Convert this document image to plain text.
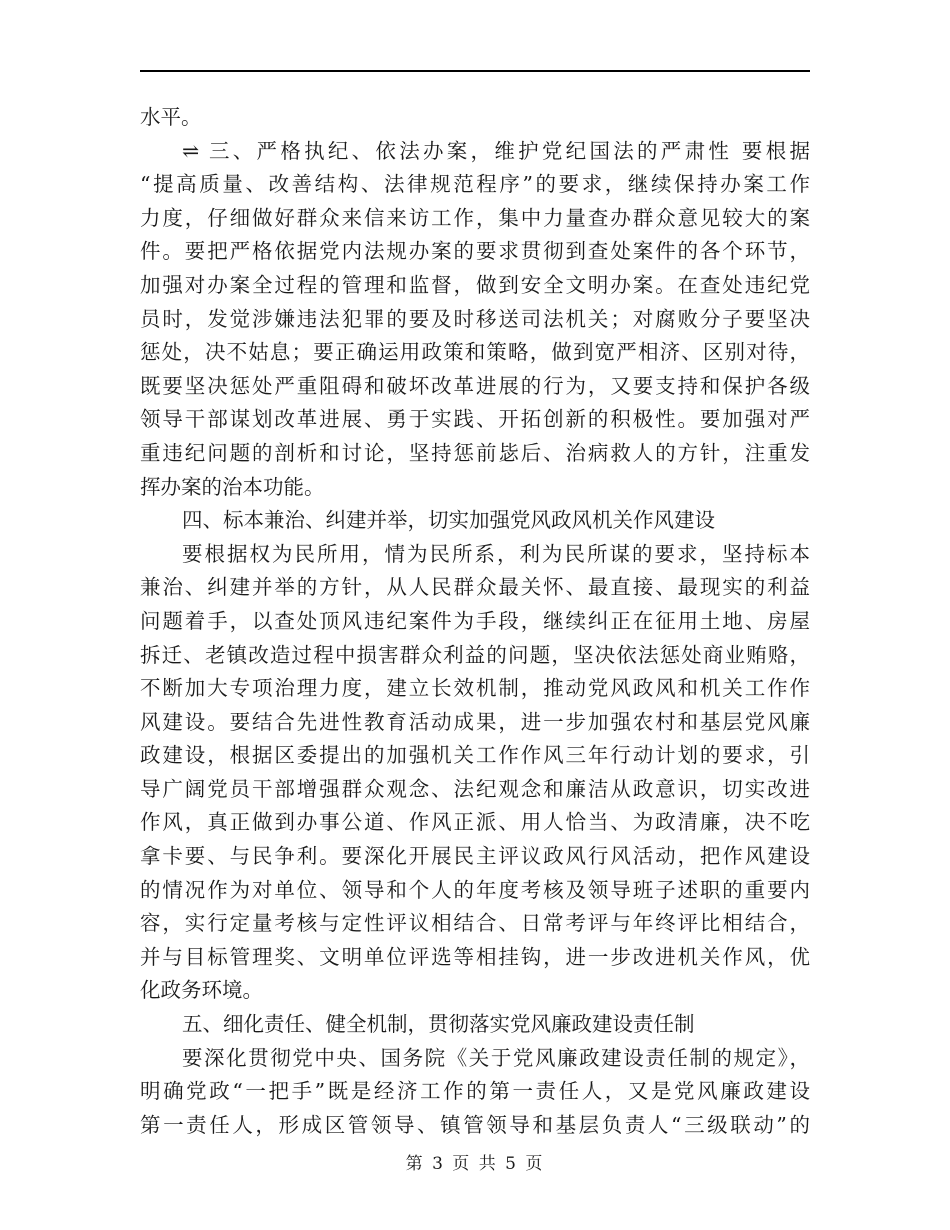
水平。
⇌ 三、严格执纪、依法办案，维护党纪国法的严肃性 要根据
“提高质量、改善结构、法律规范程序”的要求，继续保持办案工作
力度，仔细做好群众来信来访工作，集中力量查办群众意见较大的案
件。要把严格依据党内法规办案的要求贯彻到查处案件的各个环节，
加强对办案全过程的管理和监督，做到安全文明办案。在查处违纪党
员时，发觉涉嫌违法犯罪的要及时移送司法机关；对腐败分子要坚决
惩处，决不姑息；要正确运用政策和策略，做到宽严相济、区别对待，
既要坚决惩处严重阻碍和破坏改革进展的行为，又要支持和保护各级
领导干部谋划改革进展、勇于实践、开拓创新的积极性。要加强对严
重违纪问题的剖析和讨论，坚持惩前毖后、治病救人的方针，注重发
挥办案的治本功能。
四、标本兼治、纠建并举，切实加强党风政风机关作风建设
要根据权为民所用，情为民所系，利为民所谋的要求，坚持标本
兼治、纠建并举的方针，从人民群众最关怀、最直接、最现实的利益
问题着手，以查处顶风违纪案件为手段，继续纠正在征用土地、房屋
拆迁、老镇改造过程中损害群众利益的问题，坚决依法惩处商业贿赂，
不断加大专项治理力度，建立长效机制，推动党风政风和机关工作作
风建设。要结合先进性教育活动成果，进一步加强农村和基层党风廉
政建设，根据区委提出的加强机关工作作风三年行动计划的要求，引
导广阔党员干部增强群众观念、法纪观念和廉洁从政意识，切实改进
作风，真正做到办事公道、作风正派、用人恰当、为政清廉，决不吃
拿卡要、与民争利。要深化开展民主评议政风行风活动，把作风建设
的情况作为对单位、领导和个人的年度考核及领导班子述职的重要内
容，实行定量考核与定性评议相结合、日常考评与年终评比相结合，
并与目标管理奖、文明单位评选等相挂钩，进一步改进机关作风，优
化政务环境。
五、细化责任、健全机制，贯彻落实党风廉政建设责任制
要深化贯彻党中央、国务院《关于党风廉政建设责任制的规定》，
明确党政“一把手”既是经济工作的第一责任人，又是党风廉政建设
第一责任人，形成区管领导、镇管领导和基层负责人“三级联动”的
第 3 页 共 5 页
